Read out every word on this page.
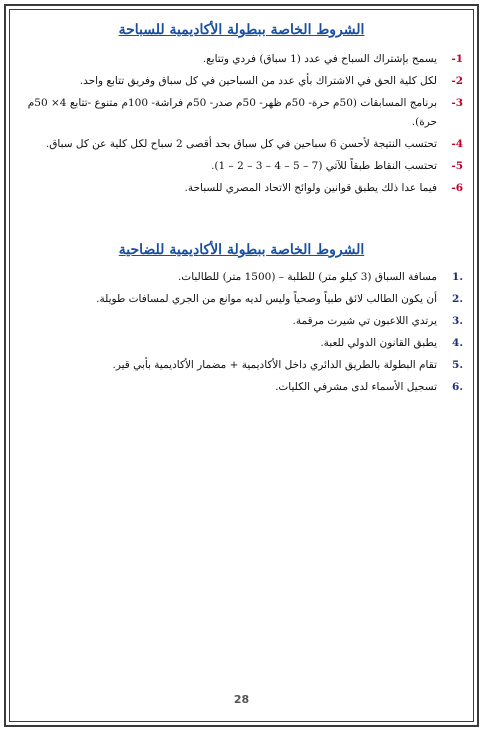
الشروط الخاصة ببطولة الأكاديمية للسباحة
1-
يسمح بإشتراك السباح في عدد (1 سباق) فردي وتتابع.
2-
لكل كلية الحق في الاشتراك بأي عدد من السباحين في كل سباق وفريق تتابع واحد.
3-
برنامج المسابقات (50م حرة- 50م ظهر- 50م صدر- 50م فراشة- 100م متنوع -تتابع 4× 50م حرة).
4-
تحتسب النتيجة لأحسن 6 سباحين في كل سباق بحد أقصى 2 سباح لكل كلية عن كل سباق.
5-
تحتسب النقاط طبقاً للآتي (7 – 5 – 4 – 3 – 2 – 1).
6-
فيما عدا ذلك يطبق قوانين ولوائح الاتحاد المصري للسباحة.
الشروط الخاصة ببطولة الأكاديمية للضاحية
.1
مسافة السباق (3 كيلو متر) للطلبة – (1500 متر) للطالبات.
.2
أن يكون الطالب لائق طبياً وصحياً وليس لديه موانع من الجري لمسافات طويلة.
.3
يرتدي اللاعبون تي شيرت مرقمة.
.4
يطبق القانون الدولي للعبة.
.5
تقام البطولة بالطريق الدائري داخل الأكاديمية + مضمار الأكاديمية بأبي قير.
.6
تسجيل الأسماء لدى مشرفي الكليات.
28
